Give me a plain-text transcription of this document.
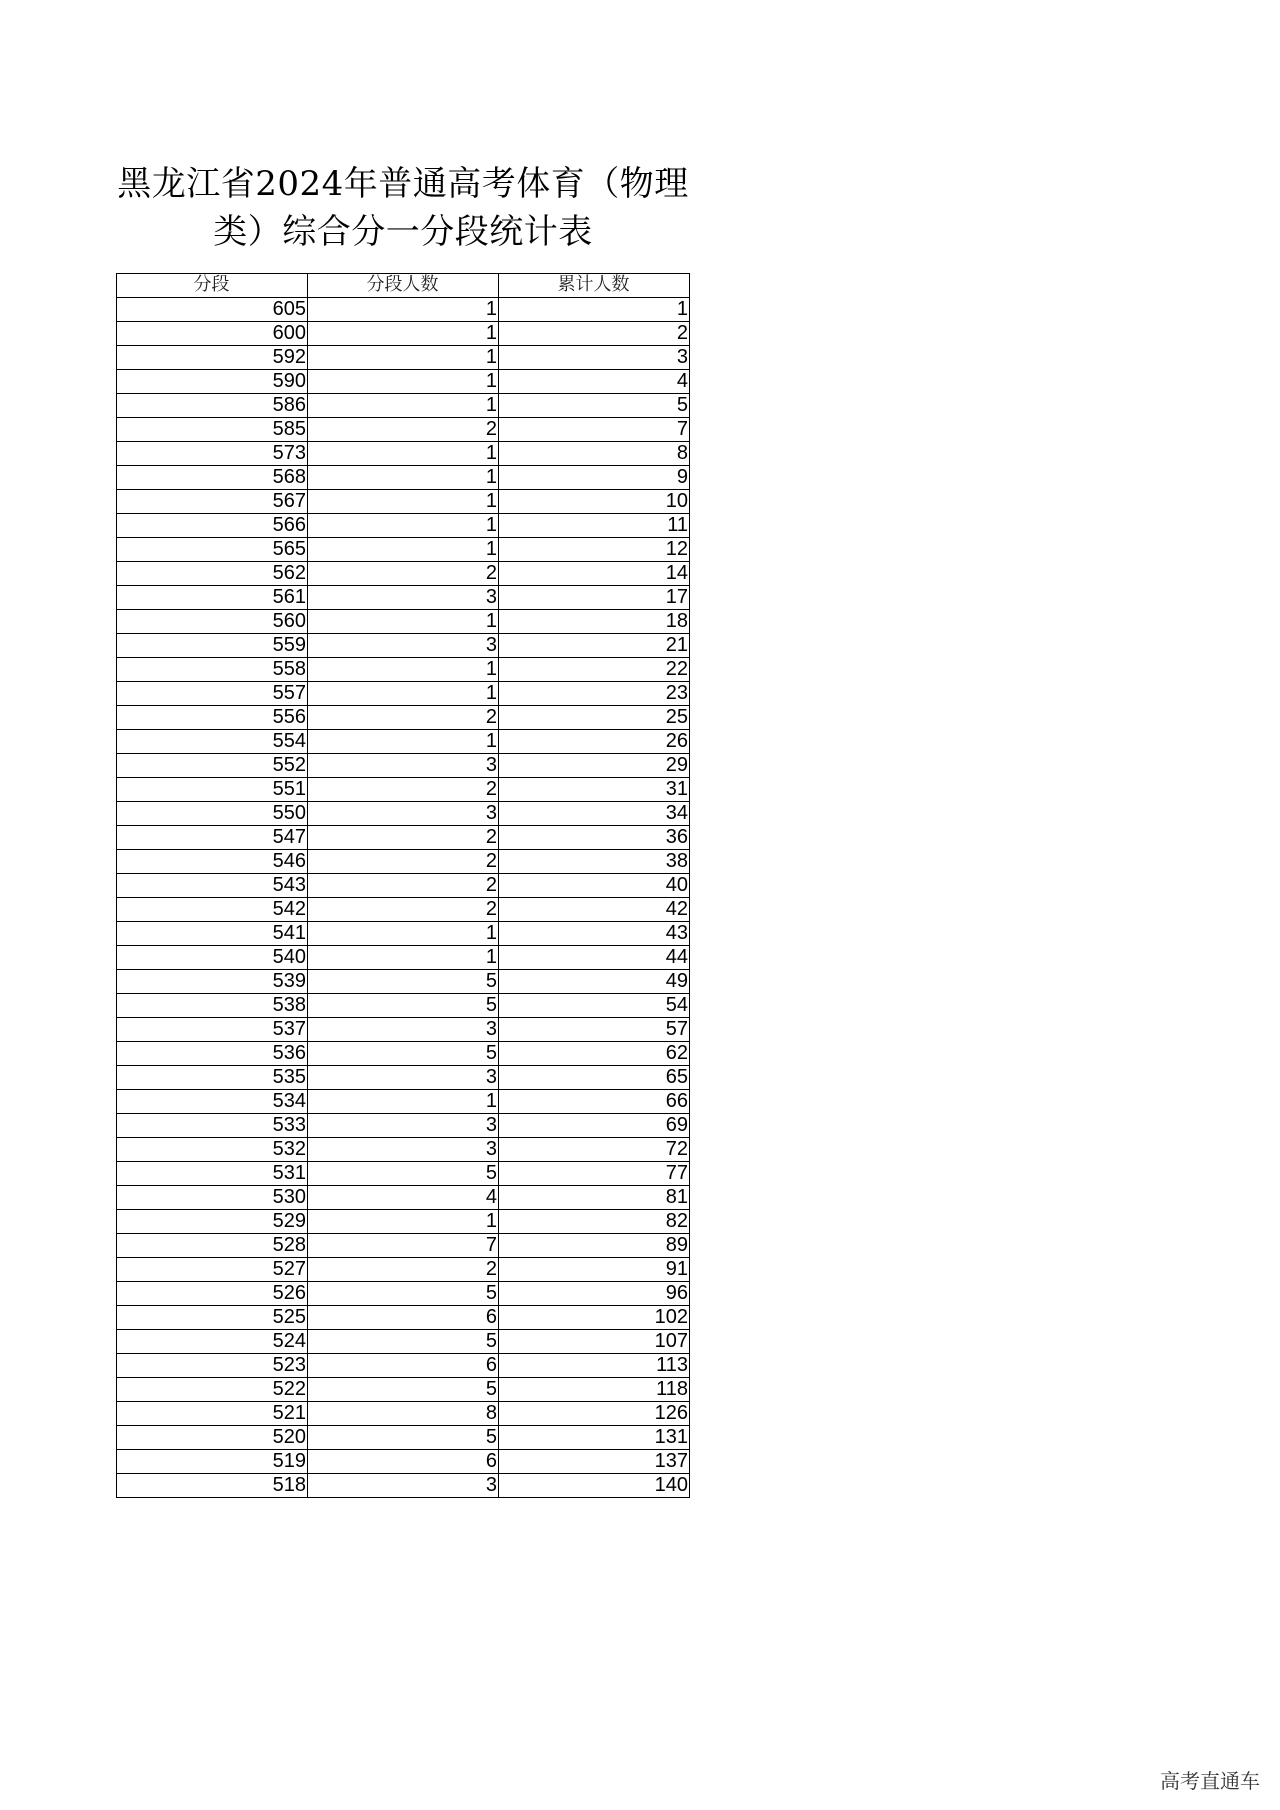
黑龙江省2024年普通高考体育（物理类）综合分一分段统计表
分段	分段人数	累计人数
605	1	1
600	1	2
592	1	3
590	1	4
586	1	5
585	2	7
573	1	8
568	1	9
567	1	10
566	1	11
565	1	12
562	2	14
561	3	17
560	1	18
559	3	21
558	1	22
557	1	23
556	2	25
554	1	26
552	3	29
551	2	31
550	3	34
547	2	36
546	2	38
543	2	40
542	2	42
541	1	43
540	1	44
539	5	49
538	5	54
537	3	57
536	5	62
535	3	65
534	1	66
533	3	69
532	3	72
531	5	77
530	4	81
529	1	82
528	7	89
527	2	91
526	5	96
525	6	102
524	5	107
523	6	113
522	5	118
521	8	126
520	5	131
519	6	137
518	3	140
高考直通车
